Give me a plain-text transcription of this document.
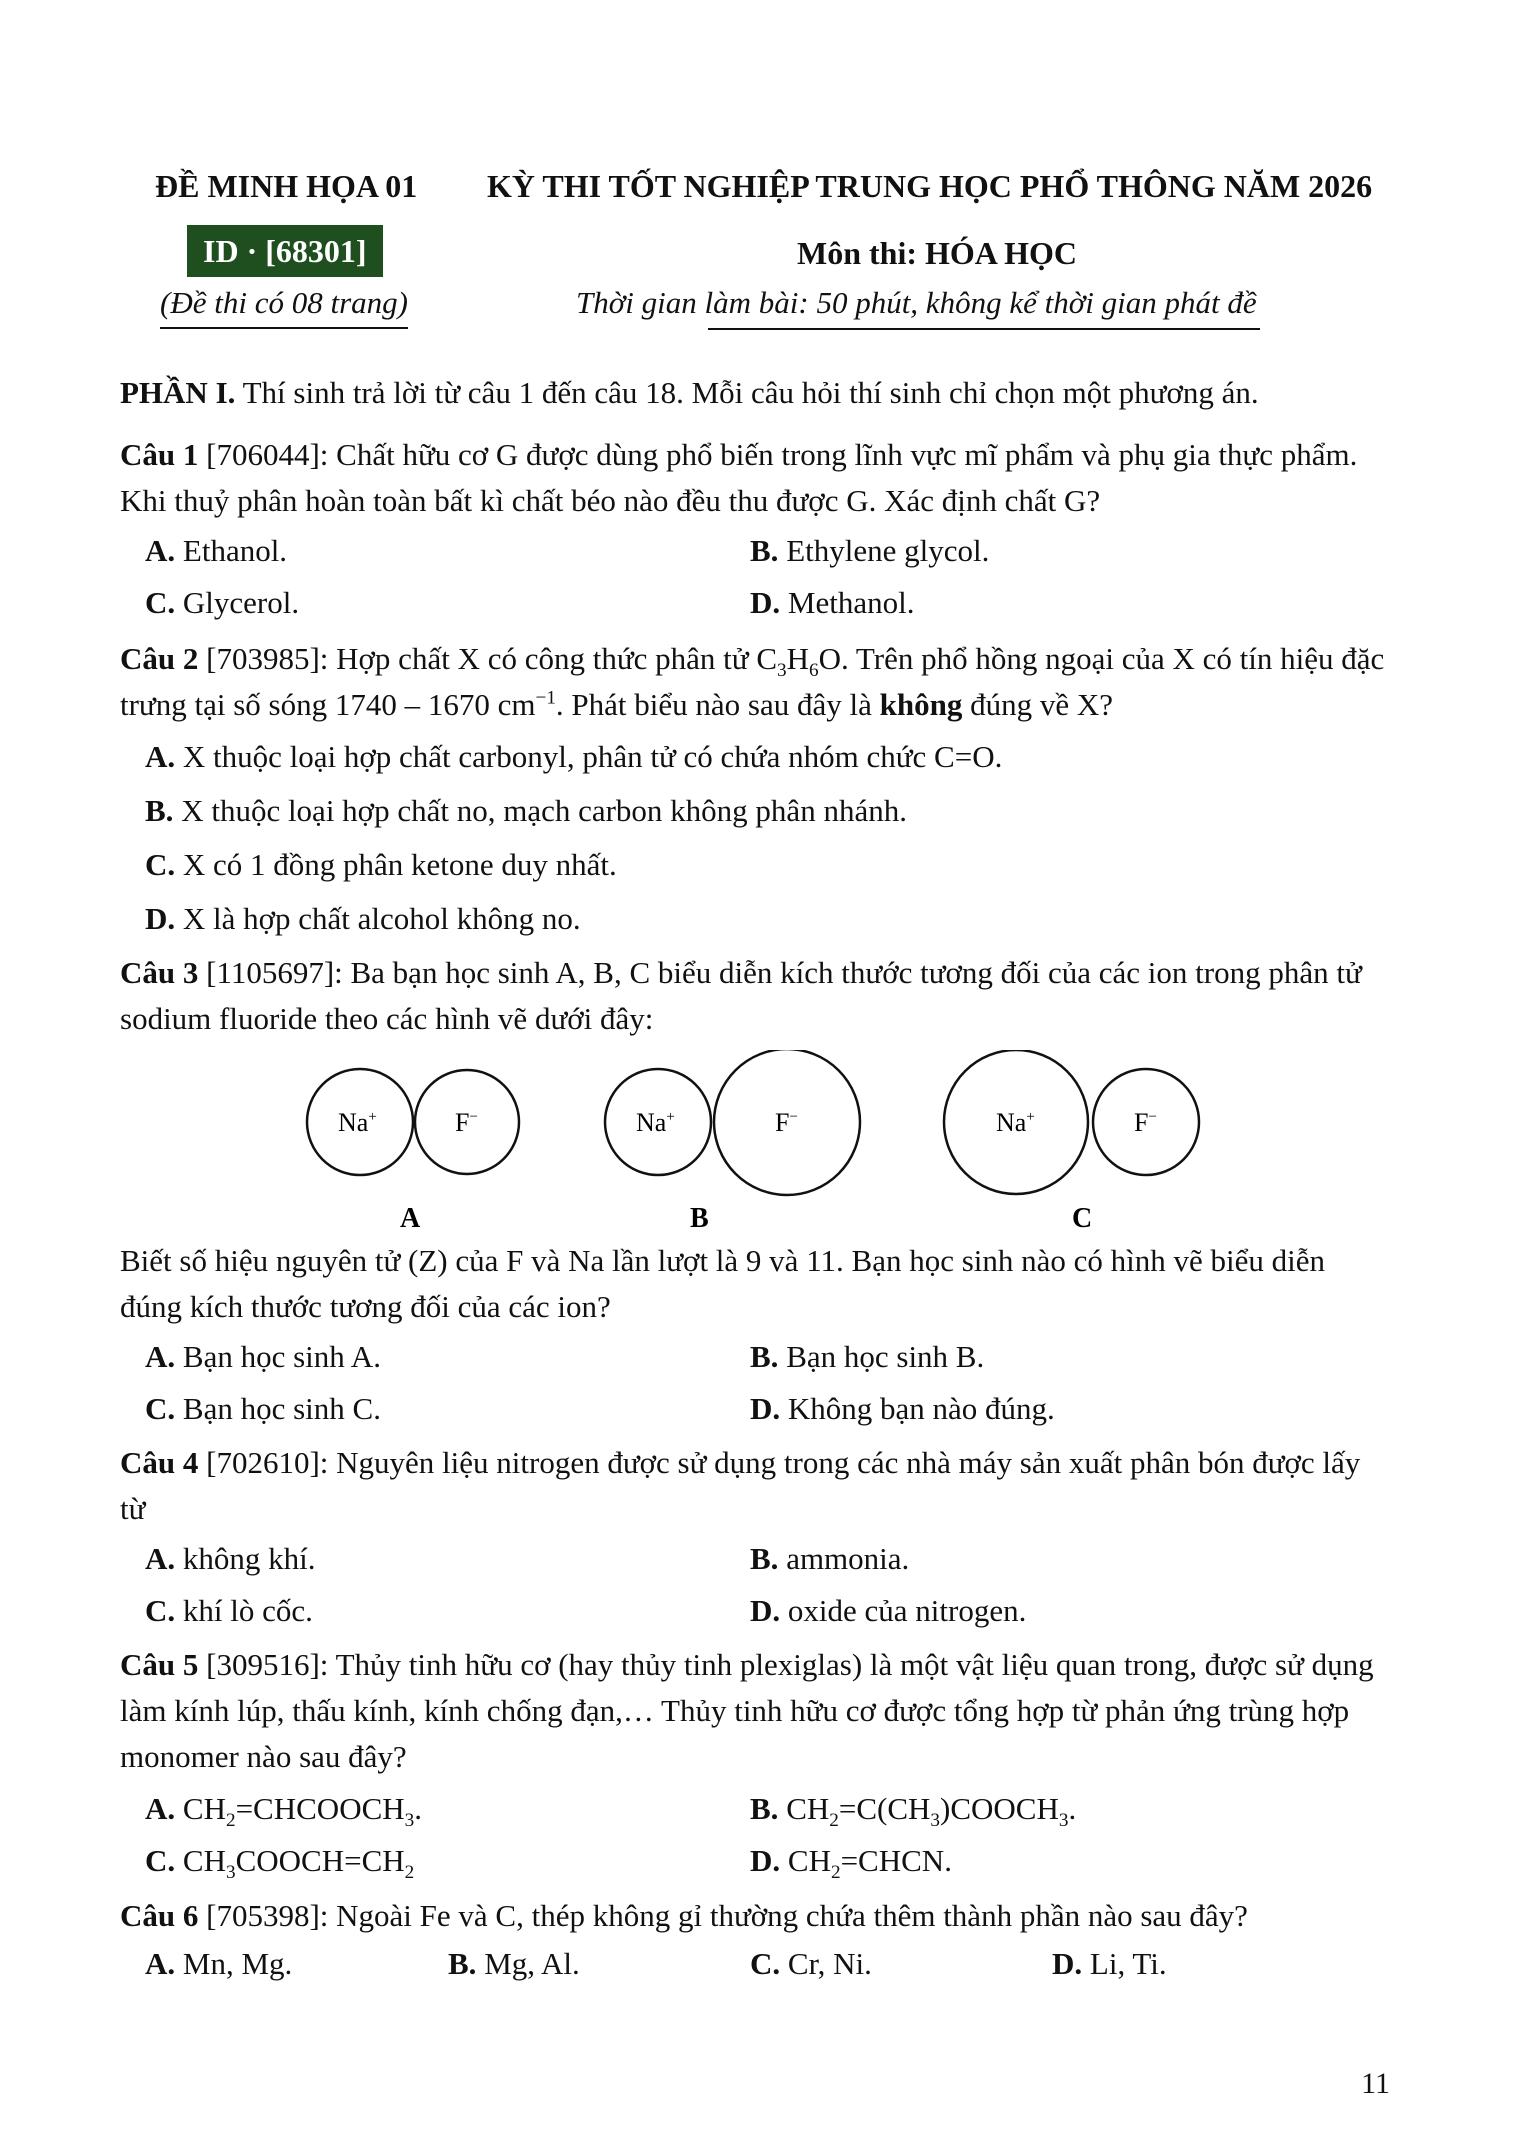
ĐỀ MINH HỌA 01 KỲ THI TỐT NGHIỆP TRUNG HỌC PHỔ THÔNG NĂM 2026
ID · [68301]	Môn thi: HÓA HỌC
(Đề thi có 08 trang)	Thời gian làm bài: 50 phút, không kể thời gian phát đề
PHẦN I. Thí sinh trả lời từ câu 1 đến câu 18. Mỗi câu hỏi thí sinh chỉ chọn một phương án.
Câu 1 [706044]: Chất hữu cơ G được dùng phổ biến trong lĩnh vực mĩ phẩm và phụ gia thực phẩm. Khi thuỷ phân hoàn toàn bất kì chất béo nào đều thu được G. Xác định chất G?
A. Ethanol.	B. Ethylene glycol.
C. Glycerol.	D. Methanol.
Câu 2 [703985]: Hợp chất X có công thức phân tử $C_3H_6O$. Trên phổ hồng ngoại của X có tín hiệu đặc trưng tại số sóng 1740 – 1670 $cm^{-1}$. Phát biểu nào sau đây là không đúng về X?
A. X thuộc loại hợp chất carbonyl, phân tử có chứa nhóm chức C=O.
B. X thuộc loại hợp chất no, mạch carbon không phân nhánh.
C. X có 1 đồng phân ketone duy nhất.
D. X là hợp chất alcohol không no.
Câu 3 [1105697]: Ba bạn học sinh A, B, C biểu diễn kích thước tương đối của các ion trong phân tử sodium fluoride theo các hình vẽ dưới đây:
Na+	F−
A
Na+	F−
B
Na+	F−
C
Biết số hiệu nguyên tử (Z) của F và Na lần lượt là 9 và 11. Bạn học sinh nào có hình vẽ biểu diễn đúng kích thước tương đối của các ion?
A. Bạn học sinh A.	B. Bạn học sinh B.
C. Bạn học sinh C.	D. Không bạn nào đúng.
Câu 4 [702610]: Nguyên liệu nitrogen được sử dụng trong các nhà máy sản xuất phân bón được lấy từ
A. không khí.	B. ammonia.
C. khí lò cốc.	D. oxide của nitrogen.
Câu 5 [309516]: Thủy tinh hữu cơ (hay thủy tinh plexiglas) là một vật liệu quan trong, được sử dụng làm kính lúp, thấu kính, kính chống đạn,… Thủy tinh hữu cơ được tổng hợp từ phản ứng trùng hợp monomer nào sau đây?
A. $CH_2=CHCOOCH_3$.	B. $CH_2=C(CH_3)COOCH_3$.
C. $CH_3COOCH=CH_2$	D. $CH_2=CHCN$.
Câu 6 [705398]: Ngoài Fe và C, thép không gỉ thường chứa thêm thành phần nào sau đây?
A. Mn, Mg.	B. Mg, Al.	C. Cr, Ni.	D. Li, Ti.
11
